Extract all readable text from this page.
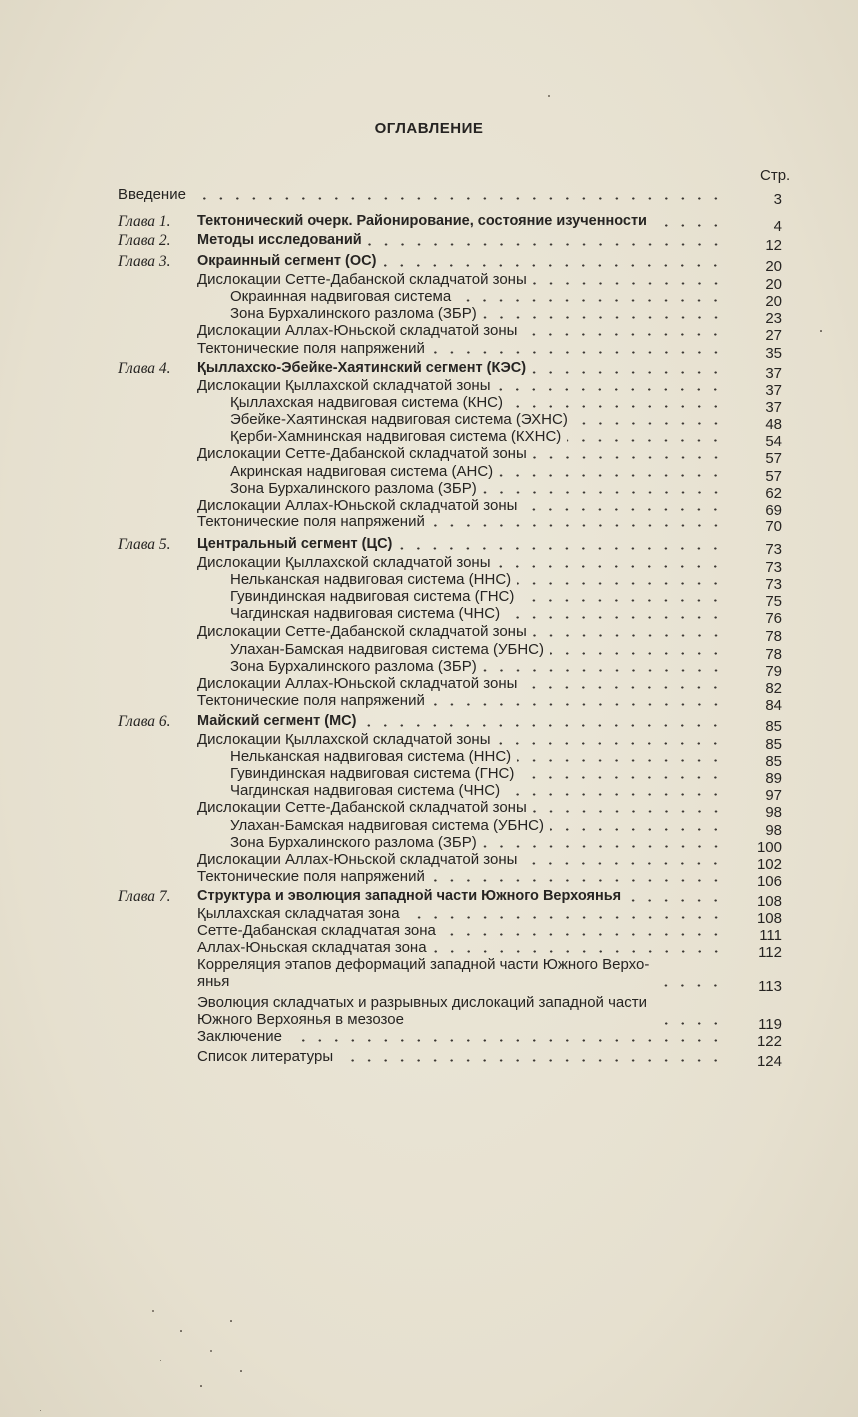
ОГЛАВЛЕНИЕ
Стр.
Введение	3
Глава 1. Тектонический очерк. Районирование, состояние изученности	4
Глава 2. Методы исследований	12
Глава 3. Окраинный сегмент (ОС)	20
Дислокации Сетте-Дабанской складчатой зоны	20
Окраинная надвиговая система	20
Зона Бурхалинского разлома (ЗБР)	23
Дислокации Аллах-Юньской складчатой зоны	27
Тектонические поля напряжений	35
Глава 4. Қыллахско-Эбейке-Хаятинский сегмент (КЭС)	37
Дислокации Қыллахской складчатой зоны	37
Қыллахская надвиговая система (КНС)	37
Эбейке-Хаятинская надвиговая система (ЭХНС)	48
Қерби-Хамнинская надвиговая система (КХНС)	54
Дислокации Сетте-Дабанской складчатой зоны	57
Акринская надвиговая система (АНС)	57
Зона Бурхалинского разлома (ЗБР)	62
Дислокации Аллах-Юньской складчатой зоны	69
Тектонические поля напряжений	70
Глава 5. Центральный сегмент (ЦС)	73
Дислокации Қыллахской складчатой зоны	73
Нельканская надвиговая система (ННС)	73
Гувиндинская надвиговая система (ГНС)	75
Чагдинская надвиговая система (ЧНС)	76
Дислокации Сетте-Дабанской складчатой зоны	78
Улахан-Бамская надвиговая система (УБНС)	78
Зона Бурхалинского разлома (ЗБР)	79
Дислокации Аллах-Юньской складчатой зоны	82
Тектонические поля напряжений	84
Глава 6. Майский сегмент (МС)	85
Дислокации Қыллахской складчатой зоны	85
Нельканская надвиговая система (ННС)	85
Гувиндинская надвиговая система (ГНС)	89
Чагдинская надвиговая система (ЧНС)	97
Дислокации Сетте-Дабанской складчатой зоны	98
Улахан-Бамская надвиговая система (УБНС)	98
Зона Бурхалинского разлома (ЗБР)	100
Дислокации Аллах-Юньской складчатой зоны	102
Тектонические поля напряжений	106
Глава 7. Структура и эволюция западной части Южного Верхоянья	108
Қыллахская складчатая зона	108
Сетте-Дабанская складчатая зона	111
Аллах-Юньская складчатая зона	112
Корреляция этапов деформаций западной части Южного Верхо-
янья	113
Эволюция складчатых и разрывных дислокаций западной части
Южного Верхоянья в мезозое	119
Заключение	122
Список литературы	124
